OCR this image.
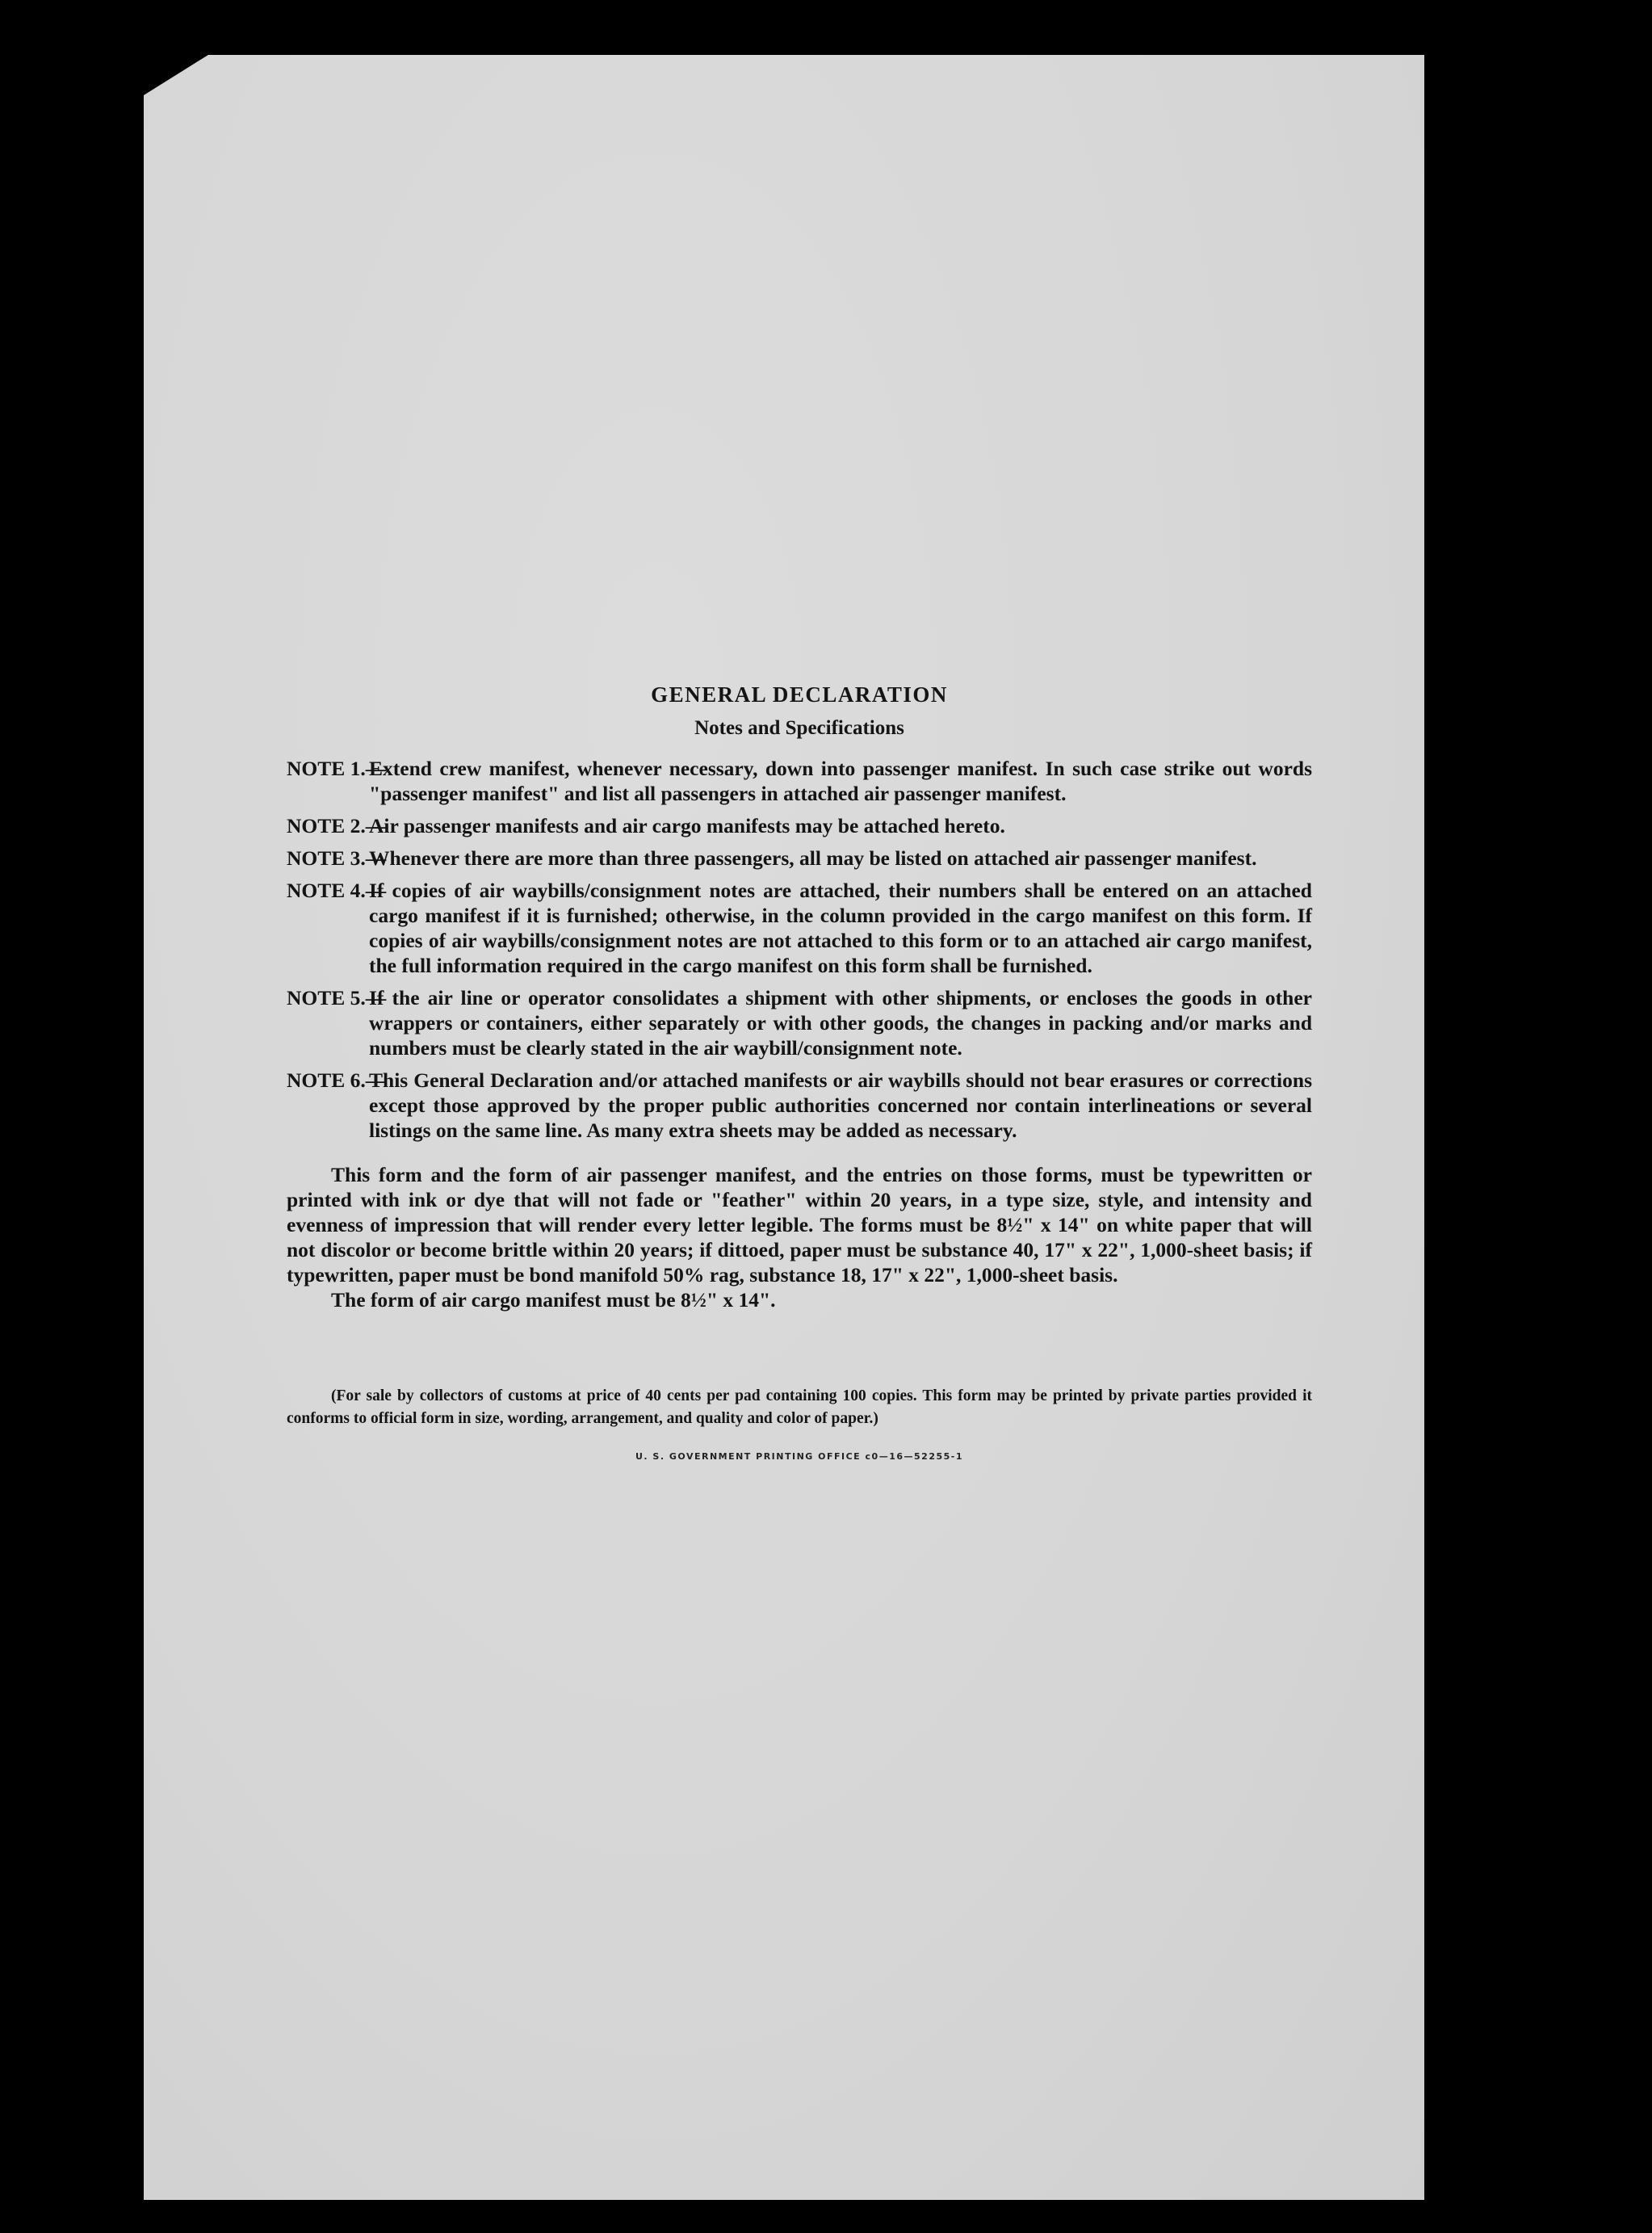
GENERAL DECLARATION
Notes and Specifications
NOTE 1.—
Extend crew manifest, whenever necessary, down into passenger manifest. In such case strike out words "passenger manifest" and list all passengers in attached air passenger manifest.
NOTE 2.—
Air passenger manifests and air cargo manifests may be attached hereto.
NOTE 3.—
Whenever there are more than three passengers, all may be listed on attached air passenger manifest.
NOTE 4.—
If copies of air waybills/consignment notes are attached, their numbers shall be entered on an attached cargo manifest if it is furnished; otherwise, in the column provided in the cargo manifest on this form. If copies of air waybills/consignment notes are not attached to this form or to an attached air cargo manifest, the full information required in the cargo manifest on this form shall be furnished.
NOTE 5.—
If the air line or operator consolidates a shipment with other shipments, or encloses the goods in other wrappers or containers, either separately or with other goods, the changes in packing and/or marks and numbers must be clearly stated in the air waybill/consignment note.
NOTE 6.—
This General Declaration and/or attached manifests or air waybills should not bear erasures or corrections except those approved by the proper public authorities concerned nor contain interlineations or several listings on the same line. As many extra sheets may be added as necessary.
This form and the form of air passenger manifest, and the entries on those forms, must be typewritten or printed with ink or dye that will not fade or "feather" within 20 years, in a type size, style, and intensity and evenness of impression that will render every letter legible. The forms must be 8½" x 14" on white paper that will not discolor or become brittle within 20 years; if dittoed, paper must be substance 40, 17" x 22", 1,000-sheet basis; if typewritten, paper must be bond manifold 50% rag, substance 18, 17" x 22", 1,000-sheet basis.
The form of air cargo manifest must be 8½" x 14".
(For sale by collectors of customs at price of 40 cents per pad containing 100 copies. This form may be printed by private parties provided it conforms to official form in size, wording, arrangement, and quality and color of paper.)
U. S. GOVERNMENT PRINTING OFFICE c0—16—52255-1
